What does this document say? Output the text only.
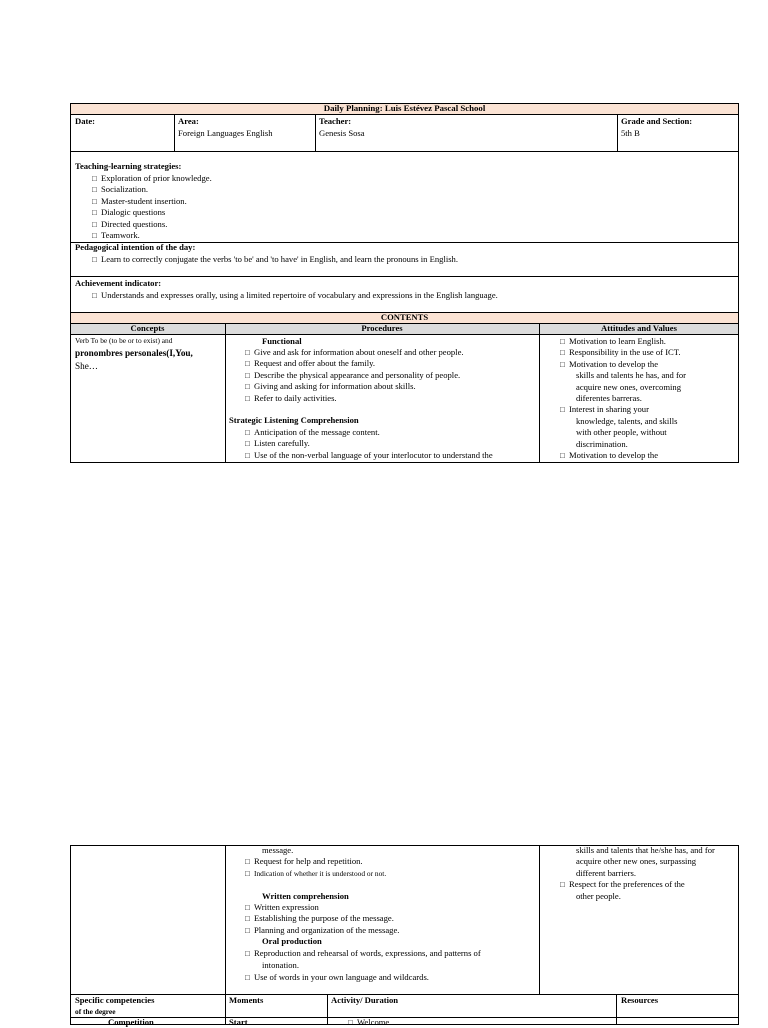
Daily Planning: Luis Estévez Pascal School
Date:	Area:
Foreign Languages English
Teacher:
Genesis Sosa
Grade and Section:
5th B
Teaching-learning strategies:
□ Exploration of prior knowledge.
□ Socialization.
□ Master-student insertion.
□ Dialogic questions
□ Directed questions.
□ Teamwork.
Pedagogical intention of the day:
□ Learn to correctly conjugate the verbs 'to be' and 'to have' in English, and learn the pronouns in English.
Achievement indicator:
□ Understands and expresses orally, using a limited repertoire of vocabulary and expressions in the English language.
CONTENTS
Concepts	Procedures	Attitudes and Values
Verb To be (to be or to exist) and
pronombres personales(I,You,
She…
Functional
□ Give and ask for information about oneself and other people.
□ Request and offer about the family.
□ Describe the physical appearance and personality of people.
□ Giving and asking for information about skills.
□ Refer to daily activities.
Strategic Listening Comprehension
□ Anticipation of the message content.
□ Listen carefully.
□ Use of the non-verbal language of your interlocutor to understand the
□ Motivation to learn English.
□ Responsibility in the use of ICT.
□ Motivation to develop the
skills and talents he has, and for
acquire new ones, overcoming
diferentes barreras.
□ Interest in sharing your
knowledge, talents, and skills
with other people, without
discrimination.
□ Motivation to develop the
message.
□ Request for help and repetition.
□ Indication of whether it is understood or not.
Written comprehension
□ Written expression
□ Establishing the purpose of the message.
□ Planning and organization of the message.
Oral production
□ Reproduction and rehearsal of words, expressions, and patterns of
intonation.
□ Use of words in your own language and wildcards.
skills and talents that he/she has, and for
acquire other new ones, surpassing
different barriers.
□ Respect for the preferences of the
other people.
Specific competencies
of the degree
Moments	Activity/ Duration	Resources
Competition	Start
□	Welcome
